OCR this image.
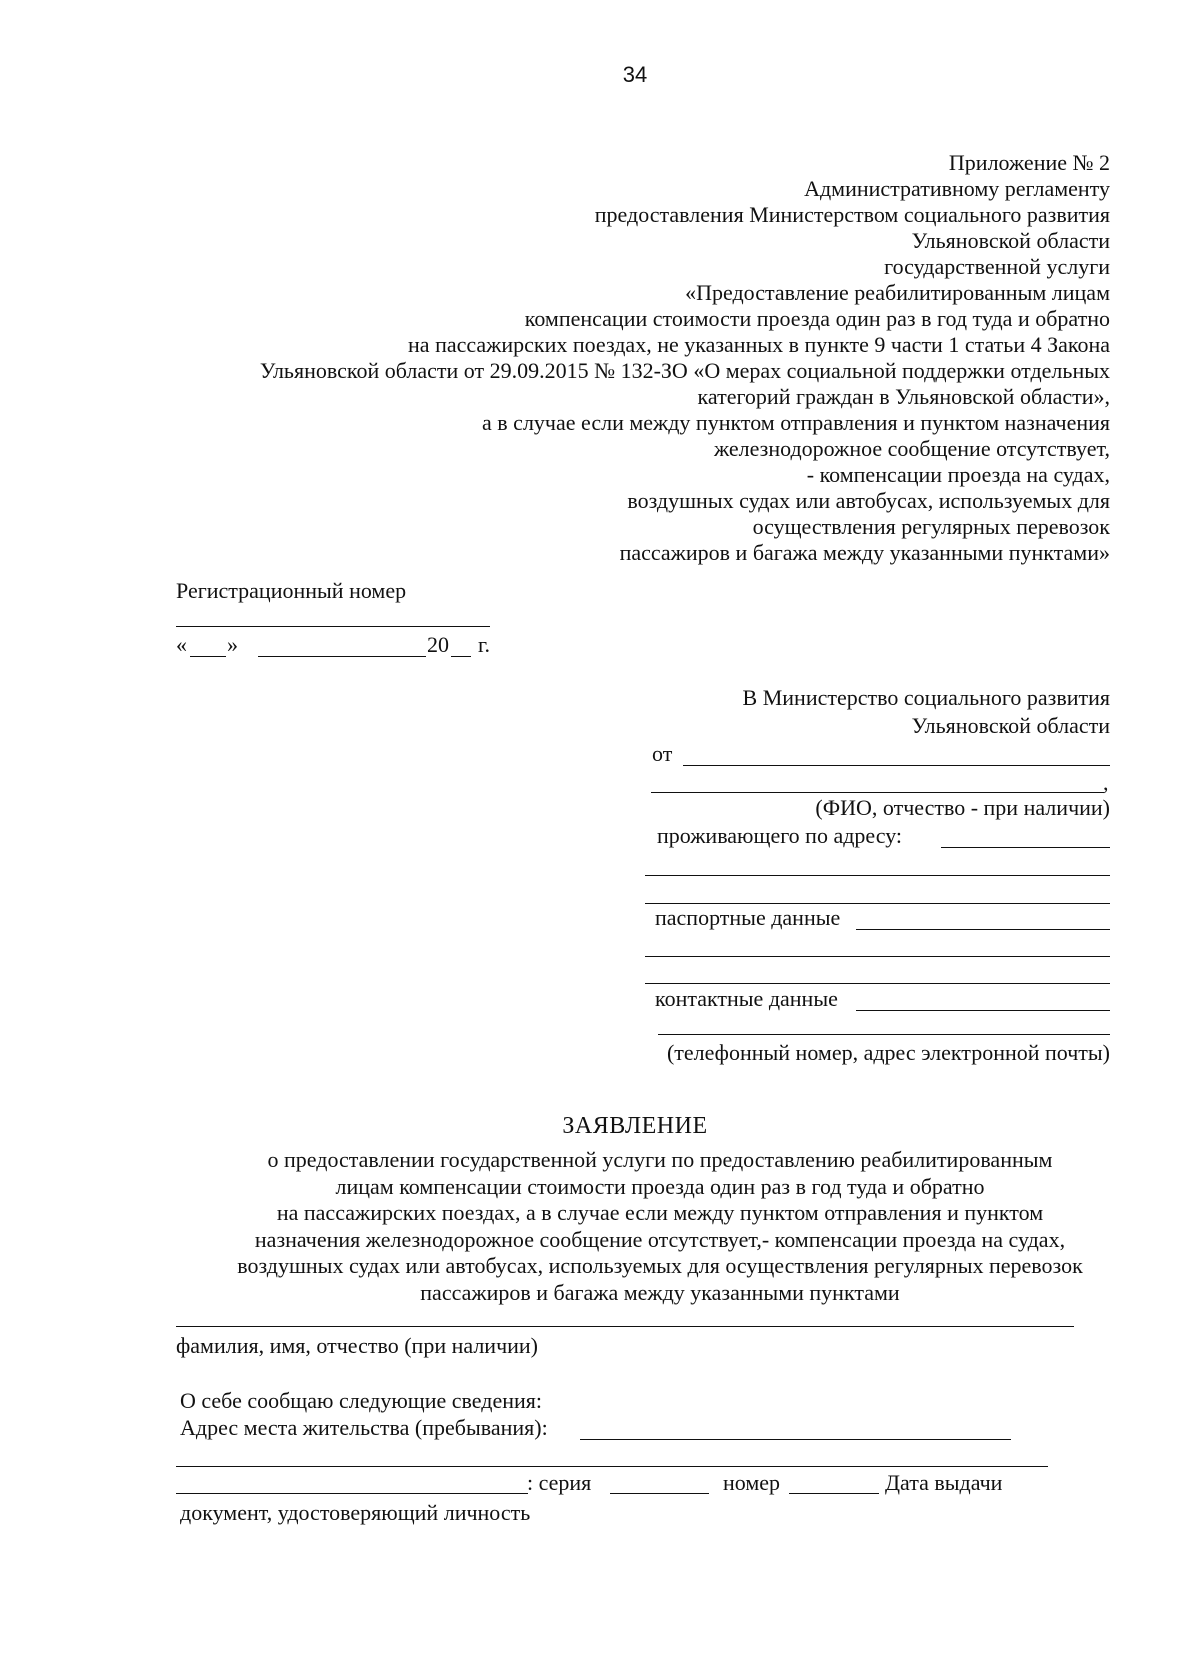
34
Приложение № 2
Административному регламенту
предоставления Министерством социального развития
Ульяновской области
государственной услуги
«Предоставление реабилитированным лицам
компенсации стоимости проезда один раз в год туда и обратно
на пассажирских поездах, не указанных в пункте 9 части 1 статьи 4 Закона
Ульяновской области от 29.09.2015 № 132-ЗО «О мерах социальной поддержки отдельных
категорий граждан в Ульяновской области»,
а в случае если между пунктом отправления и пунктом назначения
железнодорожное сообщение отсутствует,
- компенсации проезда на судах,
воздушных судах или автобусах, используемых для
осуществления регулярных перевозок
пассажиров и багажа между указанными пунктами»
Регистрационный номер
« »	20 г.
В Министерство социального развития
Ульяновской области
от
,
(ФИО, отчество - при наличии)
проживающего по адресу:
паспортные данные
контактные данные
(телефонный номер, адрес электронной почты)
ЗАЯВЛЕНИЕ
о предоставлении государственной услуги по предоставлению реабилитированным
лицам компенсации стоимости проезда один раз в год туда и обратно
на пассажирских поездах, а в случае если между пунктом отправления и пунктом
назначения железнодорожное сообщение отсутствует,- компенсации проезда на судах,
воздушных судах или автобусах, используемых для осуществления регулярных перевозок
пассажиров и багажа между указанными пунктами
фамилия, имя, отчество (при наличии)
О себе сообщаю следующие сведения:
Адрес места жительства (пребывания):
: серия	номер	Дата выдачи
документ, удостоверяющий личность
